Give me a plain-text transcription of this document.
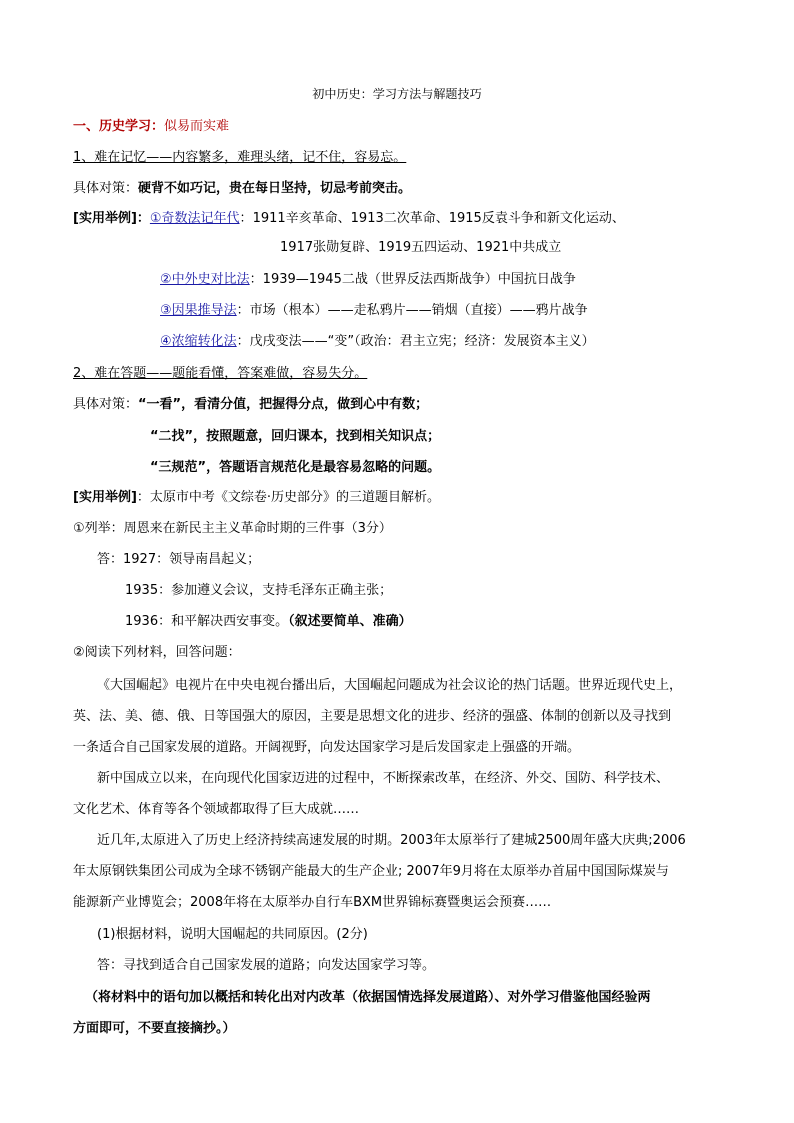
初中历史：学习方法与解题技巧
一、历史学习：似易而实难
1、难在记忆——内容繁多，难理头绪，记不住，容易忘。
具体对策：硬背不如巧记，贵在每日坚持，切忌考前突击。
[实用举例]：①奇数法记年代：1911辛亥革命、1913二次革命、1915反袁斗争和新文化运动、
1917张勋复辟、1919五四运动、1921中共成立
②中外史对比法：1939—1945二战（世界反法西斯战争）中国抗日战争
③因果推导法：市场（根本）——走私鸦片——销烟（直接）——鸦片战争
④浓缩转化法：戊戌变法——“变”（政治：君主立宪；经济：发展资本主义）
2、难在答题——题能看懂，答案难做，容易失分。
具体对策：“一看”，看清分值，把握得分点，做到心中有数；
“二找”，按照题意，回归课本，找到相关知识点；
“三规范”，答题语言规范化是最容易忽略的问题。
[实用举例]：太原市中考《文综卷·历史部分》的三道题目解析。
①列举：周恩来在新民主主义革命时期的三件事（3分）
答：1927：领导南昌起义；
1935：参加遵义会议，支持毛泽东正确主张；
1936：和平解决西安事变。（叙述要简单、准确）
②阅读下列材料，回答问题：
《大国崛起》电视片在中央电视台播出后，大国崛起问题成为社会议论的热门话题。世界近现代史上，
英、法、美、德、俄、日等国强大的原因，主要是思想文化的进步、经济的强盛、体制的创新以及寻找到
一条适合自己国家发展的道路。开阔视野，向发达国家学习是后发国家走上强盛的开端。
新中国成立以来，在向现代化国家迈进的过程中，不断探索改革，在经济、外交、国防、科学技术、
文化艺术、体育等各个领域都取得了巨大成就……
近几年,太原进入了历史上经济持续高速发展的时期。2003年太原举行了建城2500周年盛大庆典;2006
年太原钢铁集团公司成为全球不锈钢产能最大的生产企业; 2007年9月将在太原举办首届中国国际煤炭与
能源新产业博览会；2008年将在太原举办自行车BXM世界锦标赛暨奥运会预赛……
(1)根据材料，说明大国崛起的共同原因。(2分)
答：寻找到适合自己国家发展的道路；向发达国家学习等。
（将材料中的语句加以概括和转化出对内改革（依据国情选择发展道路）、对外学习借鉴他国经验两
方面即可，不要直接摘抄。）
